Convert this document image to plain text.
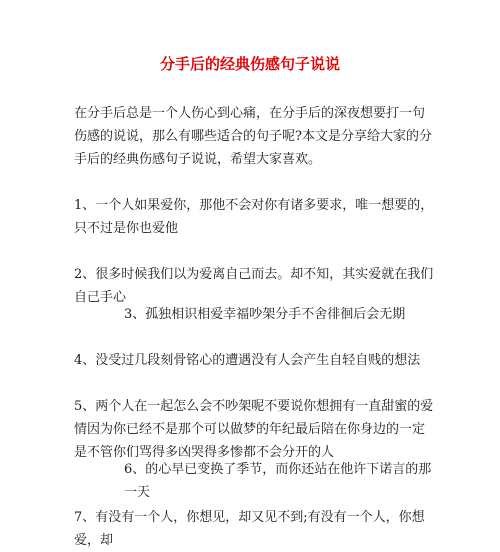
分手后的经典伤感句子说说

在分手后总是一个人伤心到心痛，在分手后的深夜想要打一句伤感的说说，那么有哪些适合的句子呢?本文是分享给大家的分手后的经典伤感句子说说，希望大家喜欢。

1、一个人如果爱你，那他不会对你有诸多要求，唯一想要的，只不过是你也爱他

2、很多时候我们以为爱离自己而去。却不知，其实爱就在我们自己手心

3、孤独相识相爱幸福吵架分手不舍徘徊后会无期

4、没受过几段刻骨铭心的遭遇没有人会产生自轻自贱的想法

5、两个人在一起怎么会不吵架呢不要说你想拥有一直甜蜜的爱情因为你已经不是那个可以做梦的年纪最后陪在你身边的一定是不管你们骂得多凶哭得多惨都不会分开的人

6、的心早已变换了季节，而你还站在他许下诺言的那一天

7、有没有一个人，你想见，却又见不到;有没有一个人，你想爱，却
